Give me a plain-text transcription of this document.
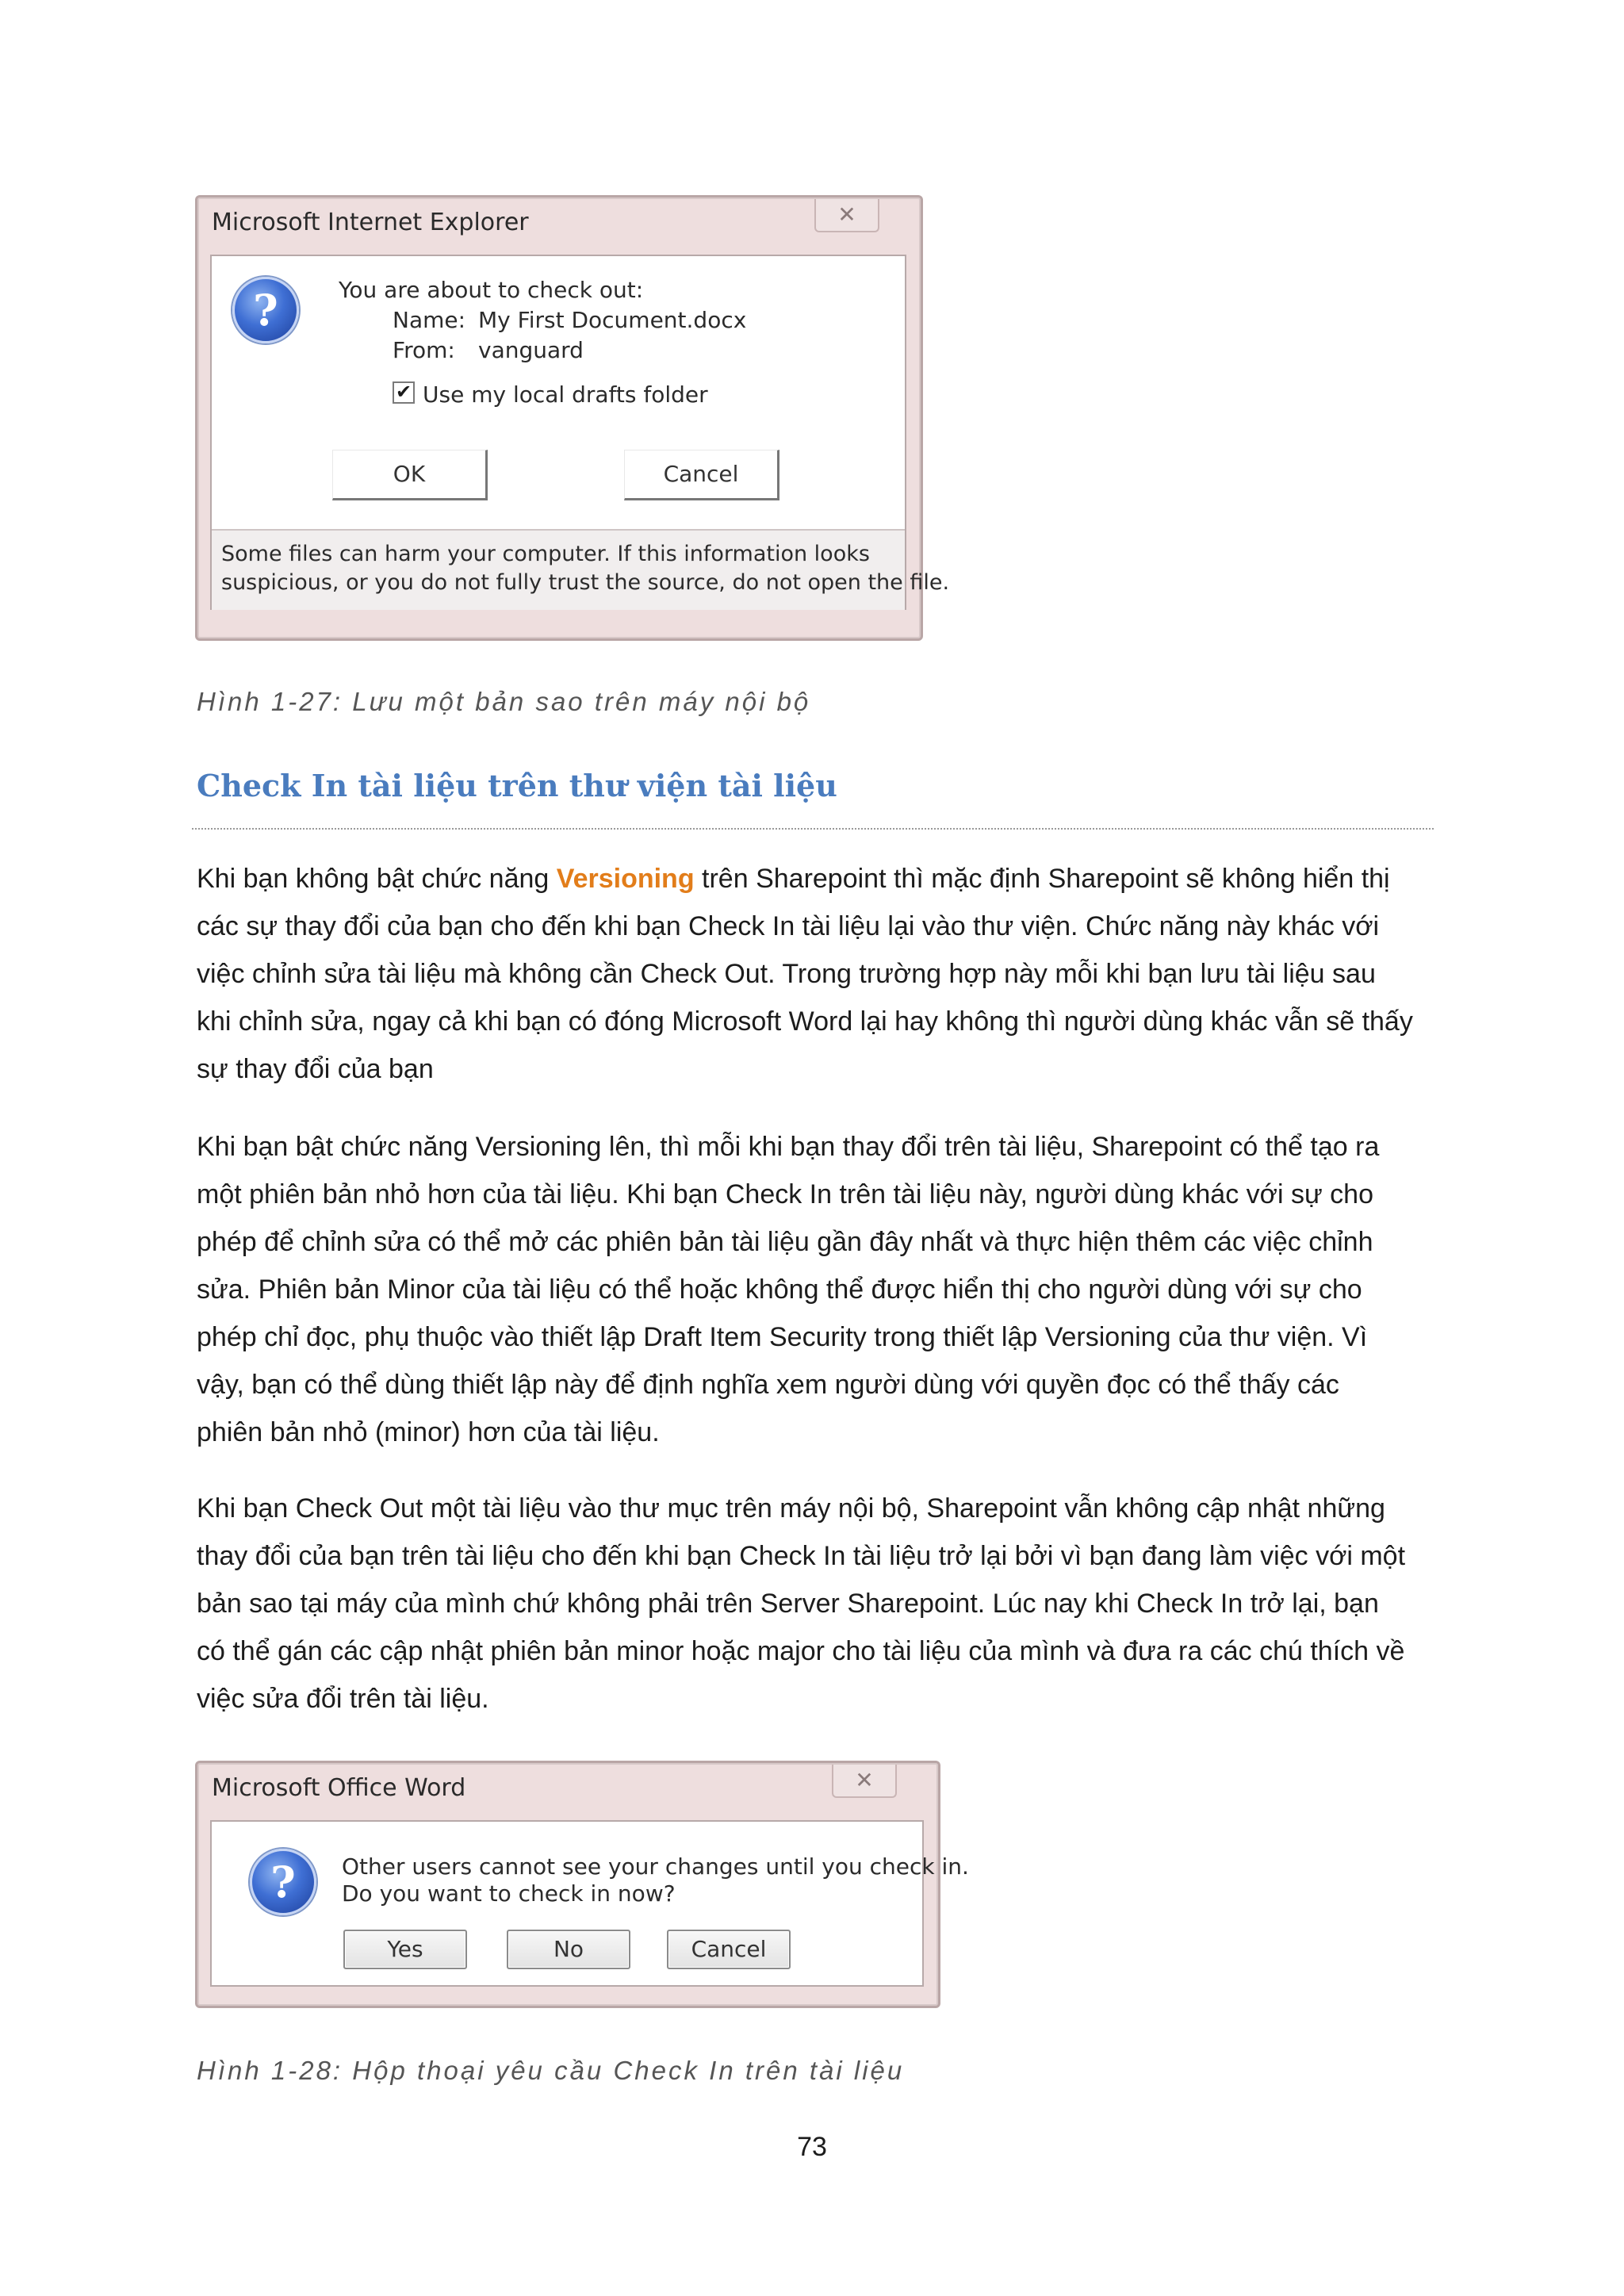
Microsoft Internet Explorer	✕
?	You are about to check out:
Name: My First Document.docx
From: vanguard
✔ Use my local drafts folder
OK	Cancel
Some files can harm your computer. If this information looks
suspicious, or you do not fully trust the source, do not open the file.
Hình 1-27: Lưu một bản sao trên máy nội bộ
Check In tài liệu trên thư viện tài liệu
Khi bạn không bật chức năng Versioning trên Sharepoint thì mặc định Sharepoint sẽ không hiển thị
các sự thay đổi của bạn cho đến khi bạn Check In tài liệu lại vào thư viện. Chức năng này khác với
việc chỉnh sửa tài liệu mà không cần Check Out. Trong trường hợp này mỗi khi bạn lưu tài liệu sau
khi chỉnh sửa, ngay cả khi bạn có đóng Microsoft Word lại hay không thì người dùng khác vẫn sẽ thấy
sự thay đổi của bạn
Khi bạn bật chức năng Versioning lên, thì mỗi khi bạn thay đổi trên tài liệu, Sharepoint có thể tạo ra
một phiên bản nhỏ hơn của tài liệu. Khi bạn Check In trên tài liệu này, người dùng khác với sự cho
phép để chỉnh sửa có thể mở các phiên bản tài liệu gần đây nhất và thực hiện thêm các việc chỉnh
sửa. Phiên bản Minor của tài liệu có thể hoặc không thể được hiển thị cho người dùng với sự cho
phép chỉ đọc, phụ thuộc vào thiết lập Draft Item Security trong thiết lập Versioning của thư viện. Vì
vậy, bạn có thể dùng thiết lập này để định nghĩa xem người dùng với quyền đọc có thể thấy các
phiên bản nhỏ (minor) hơn của tài liệu.
Khi bạn Check Out một tài liệu vào thư mục trên máy nội bộ, Sharepoint vẫn không cập nhật những
thay đổi của bạn trên tài liệu cho đến khi bạn Check In tài liệu trở lại bởi vì bạn đang làm việc với một
bản sao tại máy của mình chứ không phải trên Server Sharepoint. Lúc nay khi Check In trở lại, bạn
có thể gán các cập nhật phiên bản minor hoặc major cho tài liệu của mình và đưa ra các chú thích về
việc sửa đổi trên tài liệu.
Microsoft Office Word	✕
?	Other users cannot see your changes until you check in.
Do you want to check in now?
Yes	No	Cancel
Hình 1-28: Hộp thoại yêu cầu Check In trên tài liệu
73
